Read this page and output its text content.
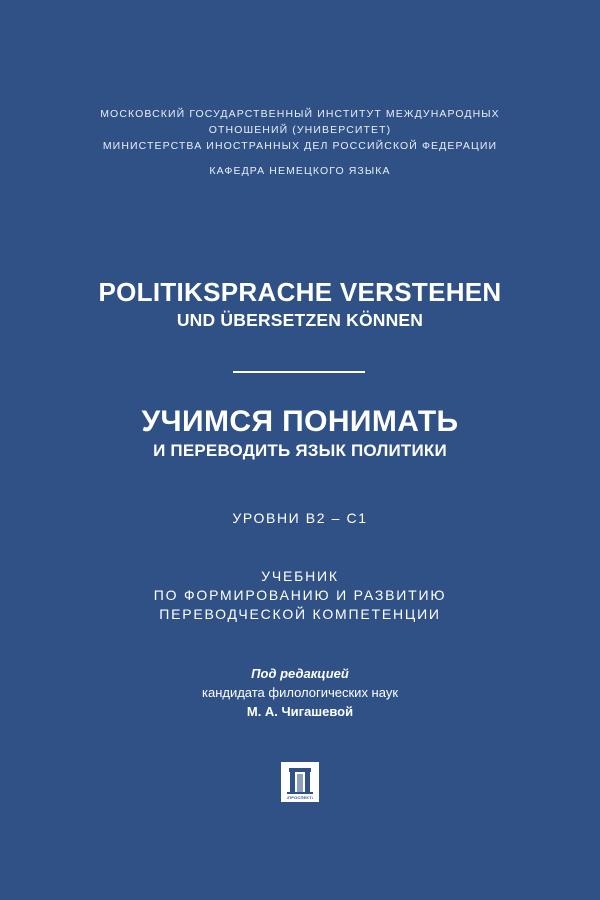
МОСКОВСКИЙ ГОСУДАРСТВЕННЫЙ ИНСТИТУТ МЕЖДУНАРОДНЫХ
ОТНОШЕНИЙ (УНИВЕРСИТЕТ)
МИНИСТЕРСТВА ИНОСТРАННЫХ ДЕЛ РОССИЙСКОЙ ФЕДЕРАЦИИ
КАФЕДРА НЕМЕЦКОГО ЯЗЫКА
POLITIKSPRACHE VERSTEHEN
UND ÜBERSETZEN KÖNNEN
УЧИМСЯ ПОНИМАТЬ
И ПЕРЕВОДИТЬ ЯЗЫК ПОЛИТИКИ
УРОВНИ B2 – C1
УЧЕБНИК
ПО ФОРМИРОВАНИЮ И РАЗВИТИЮ
ПЕРЕВОДЧЕСКОЙ КОМПЕТЕНЦИИ
Под редакцией
кандидата филологических наук
М. А. Чигашевой
•ПРОСПЕКТ•
